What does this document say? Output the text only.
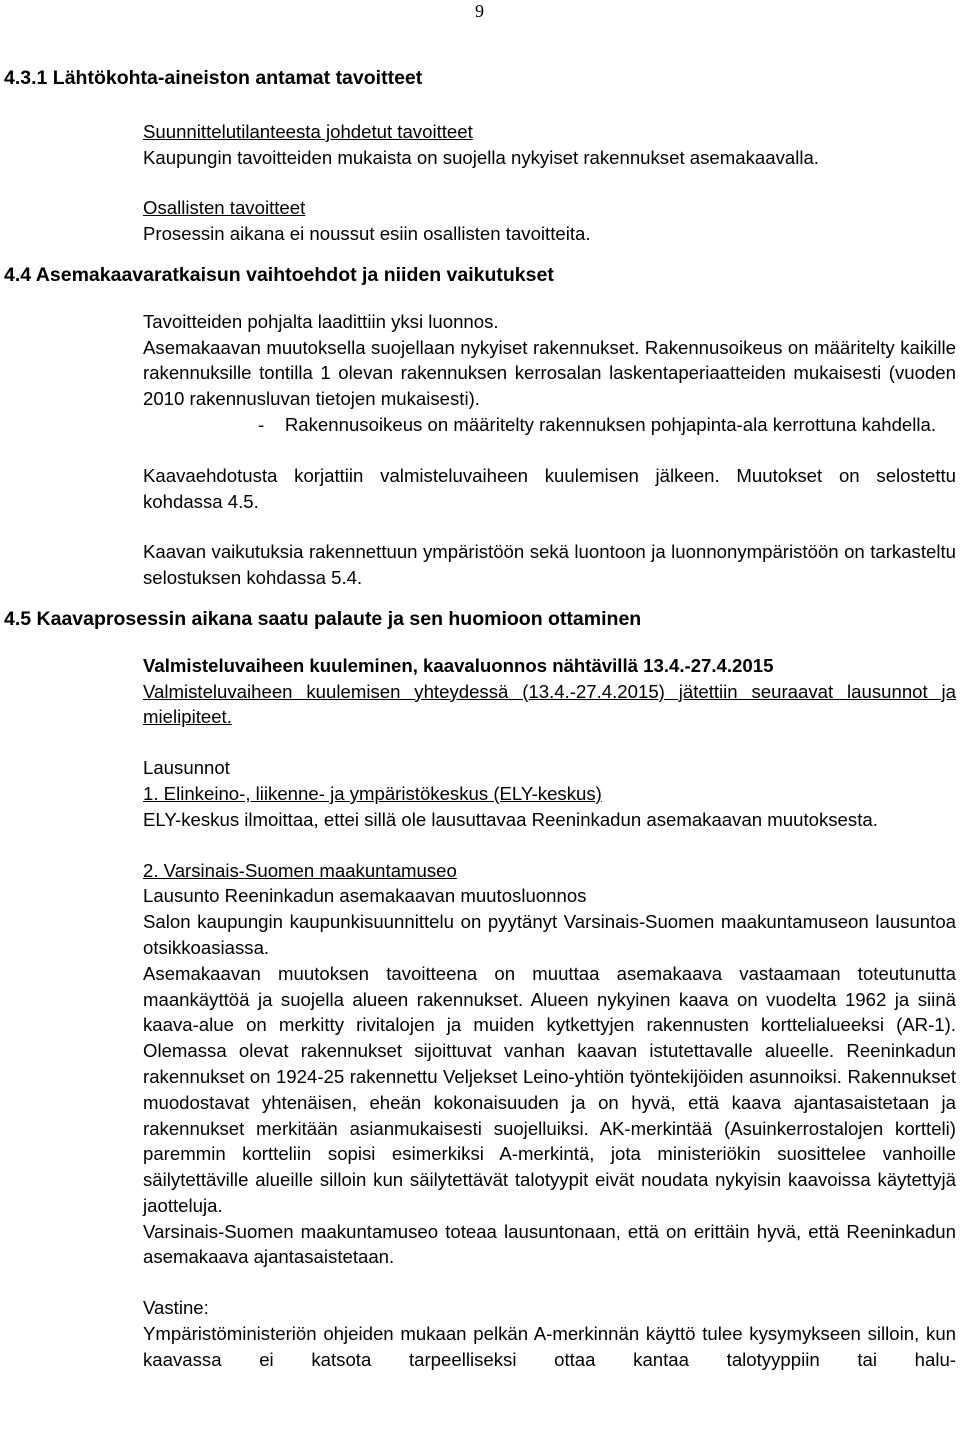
9
4.3.1 Lähtökohta-aineiston antamat tavoitteet
Suunnittelutilanteesta johdetut tavoitteet
Kaupungin tavoitteiden mukaista on suojella nykyiset rakennukset asemakaavalla.
Osallisten tavoitteet
Prosessin aikana ei noussut esiin osallisten tavoitteita.
4.4 Asemakaavaratkaisun vaihtoehdot ja niiden vaikutukset
Tavoitteiden pohjalta laadittiin yksi luonnos.
Asemakaavan muutoksella suojellaan nykyiset rakennukset. Rakennusoikeus on määritelty kaikille rakennuksille tontilla 1 olevan rakennuksen kerrosalan laskentaperiaatteiden mukaisesti (vuoden 2010 rakennusluvan tietojen mukaisesti).
-    Rakennusoikeus on määritelty rakennuksen pohjapinta-ala kerrottuna kahdella.
Kaavaehdotusta korjattiin valmisteluvaiheen kuulemisen jälkeen. Muutokset on selostettu kohdassa 4.5.
Kaavan vaikutuksia rakennettuun ympäristöön sekä luontoon ja luonnonympäristöön on tarkasteltu selostuksen kohdassa 5.4.
4.5 Kaavaprosessin aikana saatu palaute ja sen huomioon ottaminen
Valmisteluvaiheen kuuleminen, kaavaluonnos nähtävillä 13.4.-27.4.2015
Valmisteluvaiheen kuulemisen yhteydessä (13.4.-27.4.2015) jätettiin seuraavat lausunnot ja mielipiteet.
Lausunnot
1. Elinkeino-, liikenne- ja ympäristökeskus (ELY-keskus)
ELY-keskus ilmoittaa, ettei sillä ole lausuttavaa Reeninkadun asemakaavan muutoksesta.
2. Varsinais-Suomen maakuntamuseo
Lausunto Reeninkadun asemakaavan muutosluonnos
Salon kaupungin kaupunkisuunnittelu on pyytänyt Varsinais-Suomen maakuntamuseon lausuntoa otsikkoasiassa.
Asemakaavan muutoksen tavoitteena on muuttaa asemakaava vastaamaan toteutunutta maankäyttöä ja suojella alueen rakennukset. Alueen nykyinen kaava on vuodelta 1962 ja siinä kaava-alue on merkitty rivitalojen ja muiden kytkettyjen rakennusten korttelialueeksi (AR-1). Olemassa olevat rakennukset sijoittuvat vanhan kaavan istutettavalle alueelle. Reeninkadun rakennukset on 1924-25 rakennettu Veljekset Leino-yhtiön työntekijöiden asunnoiksi. Rakennukset muodostavat yhtenäisen, eheän kokonaisuuden ja on hyvä, että kaava ajantasaistetaan ja rakennukset merkitään asianmukaisesti suojelluiksi. AK-merkintää (Asuinkerrostalojen kortteli) paremmin kortteliin sopisi esimerkiksi A-merkintä, jota ministeriökin suosittelee vanhoille säilytettäville alueille silloin kun säilytettävät talotyypit eivät noudata nykyisin kaavoissa käytettyjä jaotteluja.
Varsinais-Suomen maakuntamuseo toteaa lausuntonaan, että on erittäin hyvä, että Reeninkadun asemakaava ajantasaistetaan.
Vastine:
Ympäristöministeriön ohjeiden mukaan pelkän A-merkinnän käyttö tulee kysymykseen silloin, kun kaavassa ei katsota tarpeelliseksi ottaa kantaa talotyyppiin tai halu-
